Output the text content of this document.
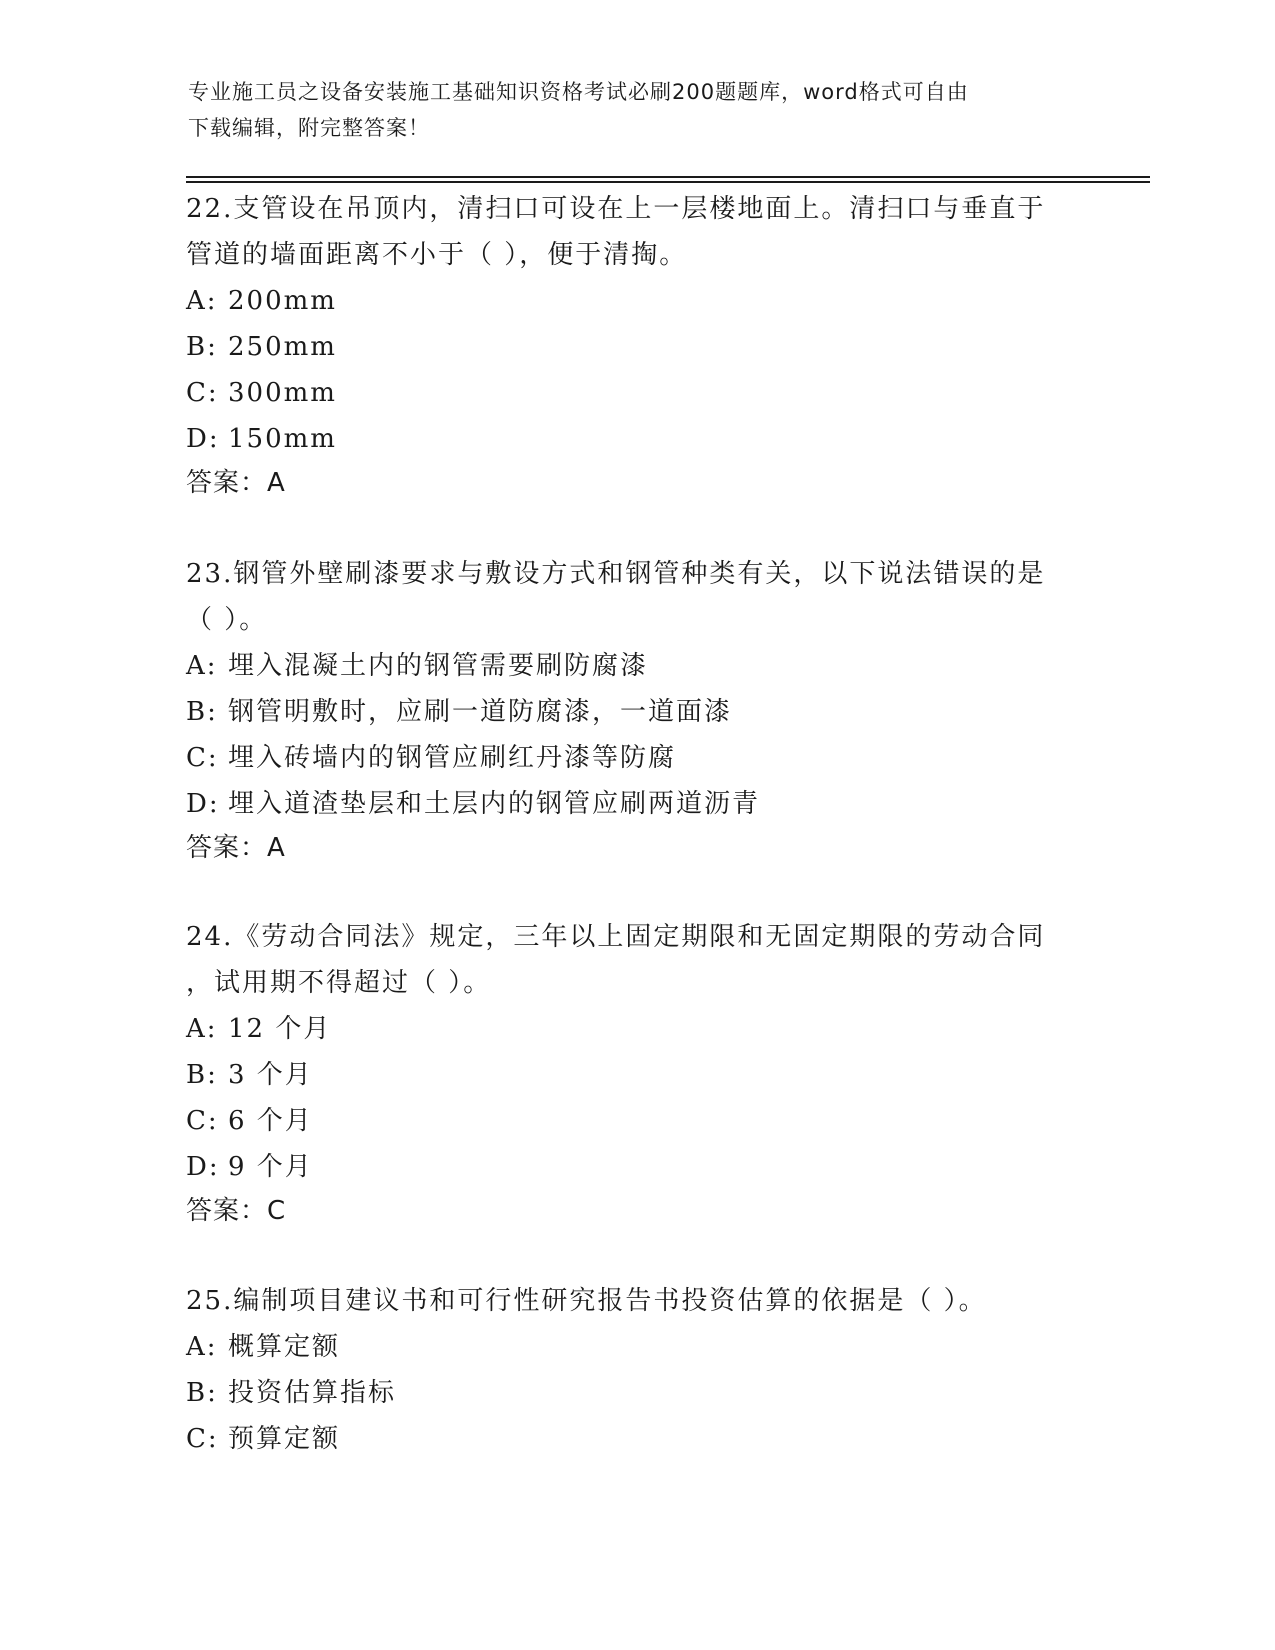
专业施工员之设备安装施工基础知识资格考试必刷200题题库，word格式可自由
下载编辑，附完整答案！

22.支管设在吊顶内，清扫口可设在上一层楼地面上。清扫口与垂直于

管道的墙面距离不小于（ ），便于清掏。

A: 200mm

B: 250mm

C: 300mm

D: 150mm

答案：A

23.钢管外壁刷漆要求与敷设方式和钢管种类有关，以下说法错误的是

（ ）。

A: 埋入混凝土内的钢管需要刷防腐漆

B: 钢管明敷时，应刷一道防腐漆，一道面漆

C: 埋入砖墙内的钢管应刷红丹漆等防腐

D: 埋入道渣垫层和土层内的钢管应刷两道沥青

答案：A

24.《劳动合同法》规定，三年以上固定期限和无固定期限的劳动合同

，试用期不得超过（ ）。

A: 12 个月

B: 3 个月

C: 6 个月

D: 9 个月

答案：C

25.编制项目建议书和可行性研究报告书投资估算的依据是（ ）。

A: 概算定额

B: 投资估算指标

C: 预算定额
